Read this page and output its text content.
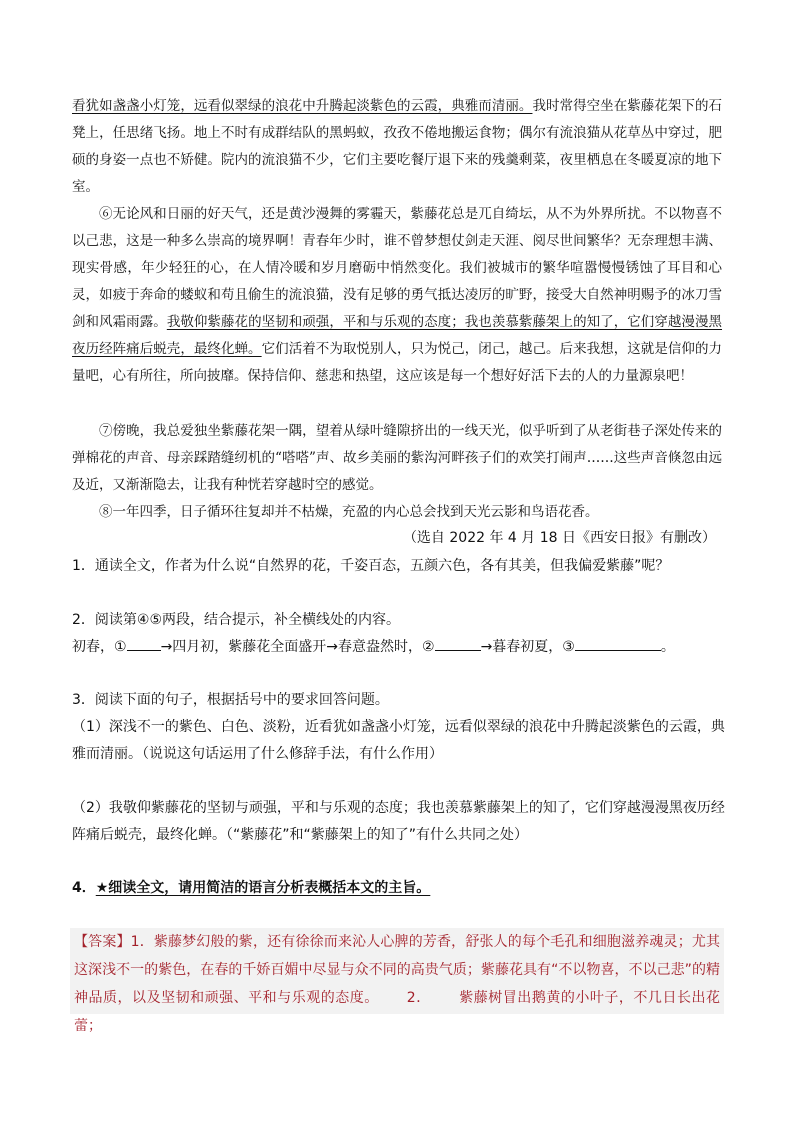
看犹如盏盏小灯笼，远看似翠绿的浪花中升腾起淡紫色的云霞，典雅而清丽。我时常得空坐在紫藤花架下的石凳上，任思绪飞扬。地上不时有成群结队的黑蚂蚁，孜孜不倦地搬运食物；偶尔有流浪猫从花草丛中穿过，肥硕的身姿一点也不矫健。院内的流浪猫不少，它们主要吃餐厅退下来的残羹剩菜，夜里栖息在冬暖夏凉的地下室。
⑥无论风和日丽的好天气，还是黄沙漫舞的雾霾天，紫藤花总是兀自绮坛，从不为外界所扰。不以物喜不以己悲，这是一种多么崇高的境界啊！青春年少时，谁不曾梦想仗剑走天涯、阅尽世间繁华？无奈理想丰满、现实骨感，年少轻狂的心，在人情冷暖和岁月磨砺中悄然变化。我们被城市的繁华喧嚣慢慢锈蚀了耳目和心灵，如疲于奔命的蝼蚁和苟且偷生的流浪猫，没有足够的勇气抵达凌厉的旷野，接受大自然神明赐予的冰刀雪剑和风霜雨露。我敬仰紫藤花的坚韧和顽强，平和与乐观的态度；我也羡慕紫藤架上的知了，它们穿越漫漫黑夜历经阵痛后蜕壳，最终化蝉。它们活着不为取悦别人，只为悦己，闭己，越己。后来我想，这就是信仰的力量吧，心有所往，所向披靡。保持信仰、慈悲和热望，这应该是每一个想好好活下去的人的力量源泉吧！
⑦傍晚，我总爱独坐紫藤花架一隅，望着从绿叶缝隙挤出的一线天光，似乎听到了从老街巷子深处传来的弹棉花的声音、母亲踩踏缝纫机的“嗒嗒”声、故乡美丽的紫沟河畔孩子们的欢笑打闹声……这些声音倏忽由远及近，又渐渐隐去，让我有种恍若穿越时空的感觉。
⑧一年四季，日子循环往复却并不枯燥，充盈的内心总会找到天光云影和鸟语花香。
（选自 2022 年 4 月 18 日《西安日报》有删改）
1．通读全文，作者为什么说“自然界的花，千姿百态，五颜六色，各有其美，但我偏爱紫藤”呢？
2．阅读第④⑤两段，结合提示，补全横线处的内容。
初春，① →四月初，紫藤花全面盛开→春意盎然时，②	→暮春初夏，③	。
3．阅读下面的句子，根据括号中的要求回答问题。
（1）深浅不一的紫色、白色、淡粉，近看犹如盏盏小灯笼，远看似翠绿的浪花中升腾起淡紫色的云霞，典雅而清丽。（说说这句话运用了什么修辞手法，有什么作用）
（2）我敬仰紫藤花的坚韧与顽强，平和与乐观的态度；我也羡慕紫藤架上的知了，它们穿越漫漫黑夜历经阵痛后蜕壳，最终化蝉。（“紫藤花”和“紫藤架上的知了”有什么共同之处）
4．★细读全文，请用简洁的语言分析表概括本文的主旨。
【答案】1．紫藤梦幻般的紫，还有徐徐而来沁人心脾的芳香，舒张人的每个毛孔和细胞滋养魂灵；尤其这深浅不一的紫色，在春的千娇百媚中尽显与众不同的高贵气质；紫藤花具有“不以物喜，不以己悲”的精神品质，以及坚韧和顽强、平和与乐观的态度。 2． 紫藤树冒出鹅黄的小叶子，不几日长出花蕾；
